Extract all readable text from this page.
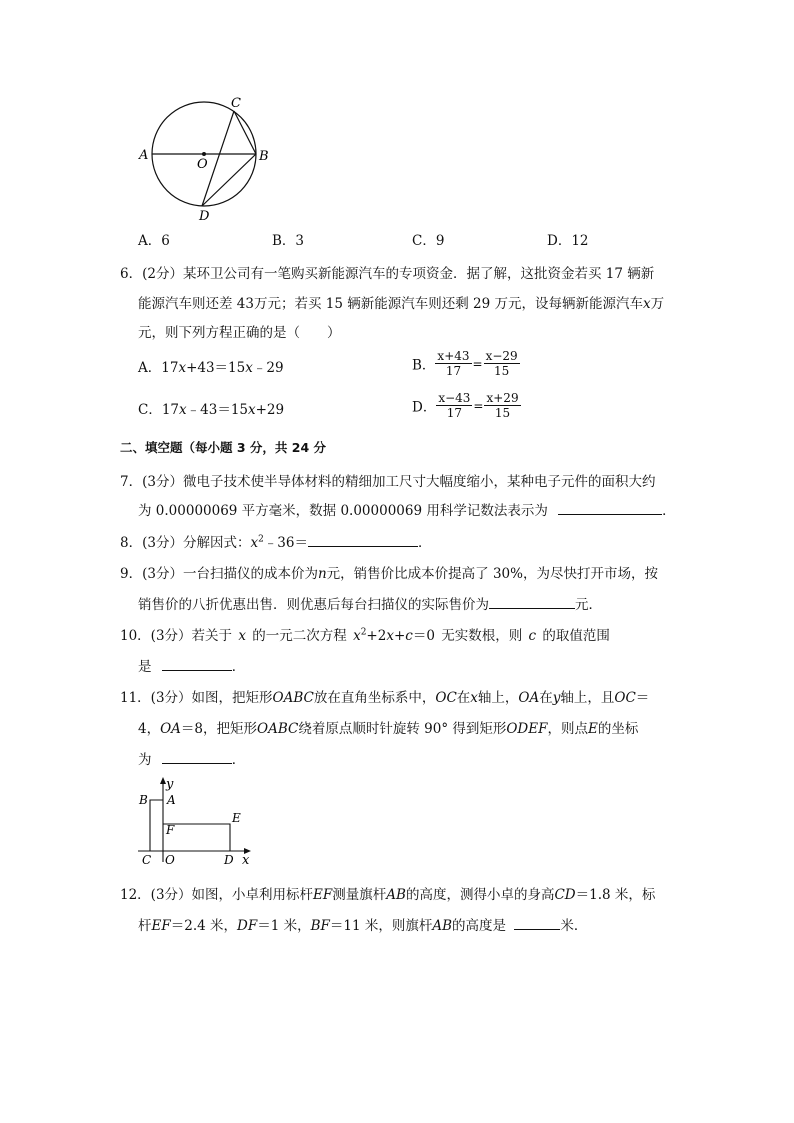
C
A
O
B
D
A．6	B．3	C．9	D．12
6．(2分）某环卫公司有一笔购买新能源汽车的专项资金．据了解，这批资金若买 17 辆新
能源汽车则还差 43万元；若买 15 辆新能源汽车则还剩 29 万元，设每辆新能源汽车x万
元，则下列方程正确的是（　　）
A．17x+43＝15x﹣29	B． $\frac{x+43}{17} = \frac{x-29}{15}$
C．17x﹣43＝15x+29	D． $\frac{x-43}{17} = \frac{x+29}{15}$
二、填空题（每小题 3 分，共 24 分
7．(3分）微电子技术使半导体材料的精细加工尺寸大幅度缩小，某种电子元件的面积大约
为 0.00000069 平方毫米，数据 0.00000069 用科学记数法表示为	．
8．(3分）分解因式：$x^2﹣36=$	．
9．(3分）一台扫描仪的成本价为n元，销售价比成本价提高了 30%，为尽快打开市场，按
销售价的八折优惠出售．则优惠后每台扫描仪的实际售价为	元．
10．(3分）若关于 x 的一元二次方程 $x^2+2x+c=0$ 无实数根，则 c 的取值范围
是	．
11．(3分）如图，把矩形OABC放在直角坐标系中，OC在x轴上，OA在y轴上，且OC＝
4，OA＝8，把矩形OABC绕着原点顺时针旋转 90° 得到矩形ODEF，则点E的坐标
为	．
y
B A
F
E
C O	D x
12．(3分）如图，小卓利用标杆EF测量旗杆AB的高度，测得小卓的身高CD＝1.8 米，标
杆EF＝2.4 米，DF＝1 米，BF＝11 米，则旗杆AB的高度是	米．
